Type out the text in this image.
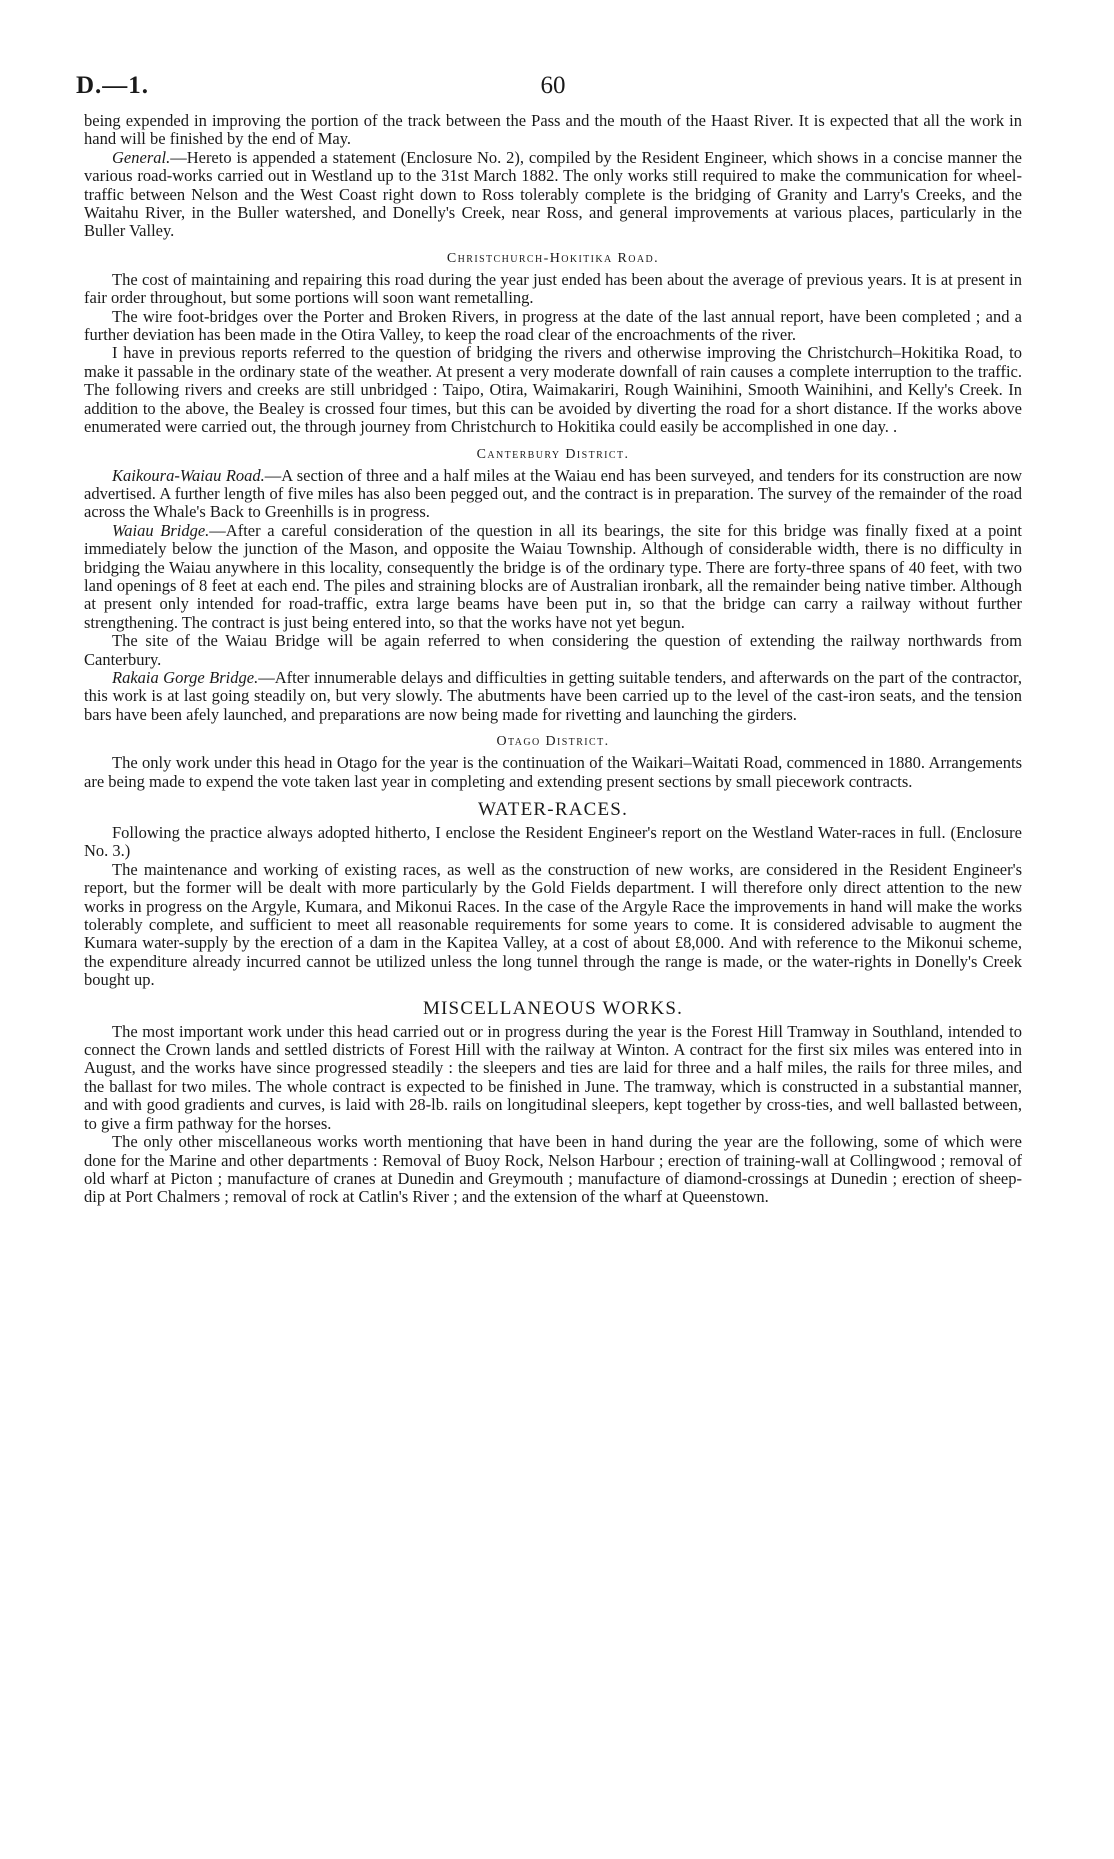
D.—1.	60

being expended in improving the portion of the track between the Pass and the mouth of the Haast River. It is expected that all the work in hand will be finished by the end of May.

General.—Hereto is appended a statement (Enclosure No. 2), compiled by the Resident Engineer, which shows in a concise manner the various road-works carried out in Westland up to the 31st March 1882. The only works still required to make the communication for wheel-traffic between Nelson and the West Coast right down to Ross tolerably complete is the bridging of Granity and Larry's Creeks, and the Waitahu River, in the Buller watershed, and Donelly's Creek, near Ross, and general improvements at various places, particularly in the Buller Valley.

Christchurch-Hokitika Road.

The cost of maintaining and repairing this road during the year just ended has been about the average of previous years. It is at present in fair order throughout, but some portions will soon want remetalling.

The wire foot-bridges over the Porter and Broken Rivers, in progress at the date of the last annual report, have been completed ; and a further deviation has been made in the Otira Valley, to keep the road clear of the encroachments of the river.

I have in previous reports referred to the question of bridging the rivers and otherwise improving the Christchurch–Hokitika Road, to make it passable in the ordinary state of the weather. At present a very moderate downfall of rain causes a complete interruption to the traffic. The following rivers and creeks are still unbridged : Taipo, Otira, Waimakariri, Rough Wainihini, Smooth Wainihini, and Kelly's Creek. In addition to the above, the Bealey is crossed four times, but this can be avoided by diverting the road for a short distance. If the works above enumerated were carried out, the through journey from Christchurch to Hokitika could easily be accomplished in one day. .

Canterbury District.

Kaikoura-Waiau Road.—A section of three and a half miles at the Waiau end has been surveyed, and tenders for its construction are now advertised. A further length of five miles has also been pegged out, and the contract is in preparation. The survey of the remainder of the road across the Whale's Back to Greenhills is in progress.

Waiau Bridge.—After a careful consideration of the question in all its bearings, the site for this bridge was finally fixed at a point immediately below the junction of the Mason, and opposite the Waiau Township. Although of considerable width, there is no difficulty in bridging the Waiau anywhere in this locality, consequently the bridge is of the ordinary type. There are forty-three spans of 40 feet, with two land openings of 8 feet at each end. The piles and straining blocks are of Australian ironbark, all the remainder being native timber. Although at present only intended for road-traffic, extra large beams have been put in, so that the bridge can carry a railway without further strengthening. The contract is just being entered into, so that the works have not yet begun.

The site of the Waiau Bridge will be again referred to when considering the question of extending the railway northwards from Canterbury.

Rakaia Gorge Bridge.—After innumerable delays and difficulties in getting suitable tenders, and afterwards on the part of the contractor, this work is at last going steadily on, but very slowly. The abutments have been carried up to the level of the cast-iron seats, and the tension bars have been afely launched, and preparations are now being made for rivetting and launching the girders.

Otago District.

The only work under this head in Otago for the year is the continuation of the Waikari–Waitati Road, commenced in 1880. Arrangements are being made to expend the vote taken last year in completing and extending present sections by small piecework contracts.

WATER-RACES.

Following the practice always adopted hitherto, I enclose the Resident Engineer's report on the Westland Water-races in full. (Enclosure No. 3.)

The maintenance and working of existing races, as well as the construction of new works, are considered in the Resident Engineer's report, but the former will be dealt with more particularly by the Gold Fields department. I will therefore only direct attention to the new works in progress on the Argyle, Kumara, and Mikonui Races. In the case of the Argyle Race the improvements in hand will make the works tolerably complete, and sufficient to meet all reasonable requirements for some years to come. It is considered advisable to augment the Kumara water-supply by the erection of a dam in the Kapitea Valley, at a cost of about £8,000. And with reference to the Mikonui scheme, the expenditure already incurred cannot be utilized unless the long tunnel through the range is made, or the water-rights in Donelly's Creek bought up.

MISCELLANEOUS WORKS.

The most important work under this head carried out or in progress during the year is the Forest Hill Tramway in Southland, intended to connect the Crown lands and settled districts of Forest Hill with the railway at Winton. A contract for the first six miles was entered into in August, and the works have since progressed steadily : the sleepers and ties are laid for three and a half miles, the rails for three miles, and the ballast for two miles. The whole contract is expected to be finished in June. The tramway, which is constructed in a substantial manner, and with good gradients and curves, is laid with 28-lb. rails on longitudinal sleepers, kept together by cross-ties, and well ballasted between, to give a firm pathway for the horses.

The only other miscellaneous works worth mentioning that have been in hand during the year are the following, some of which were done for the Marine and other departments : Removal of Buoy Rock, Nelson Harbour ; erection of training-wall at Collingwood ; removal of old wharf at Picton ; manufacture of cranes at Dunedin and Greymouth ; manufacture of diamond-crossings at Dunedin ; erection of sheep-dip at Port Chalmers ; removal of rock at Catlin's River ; and the extension of the wharf at Queenstown.
